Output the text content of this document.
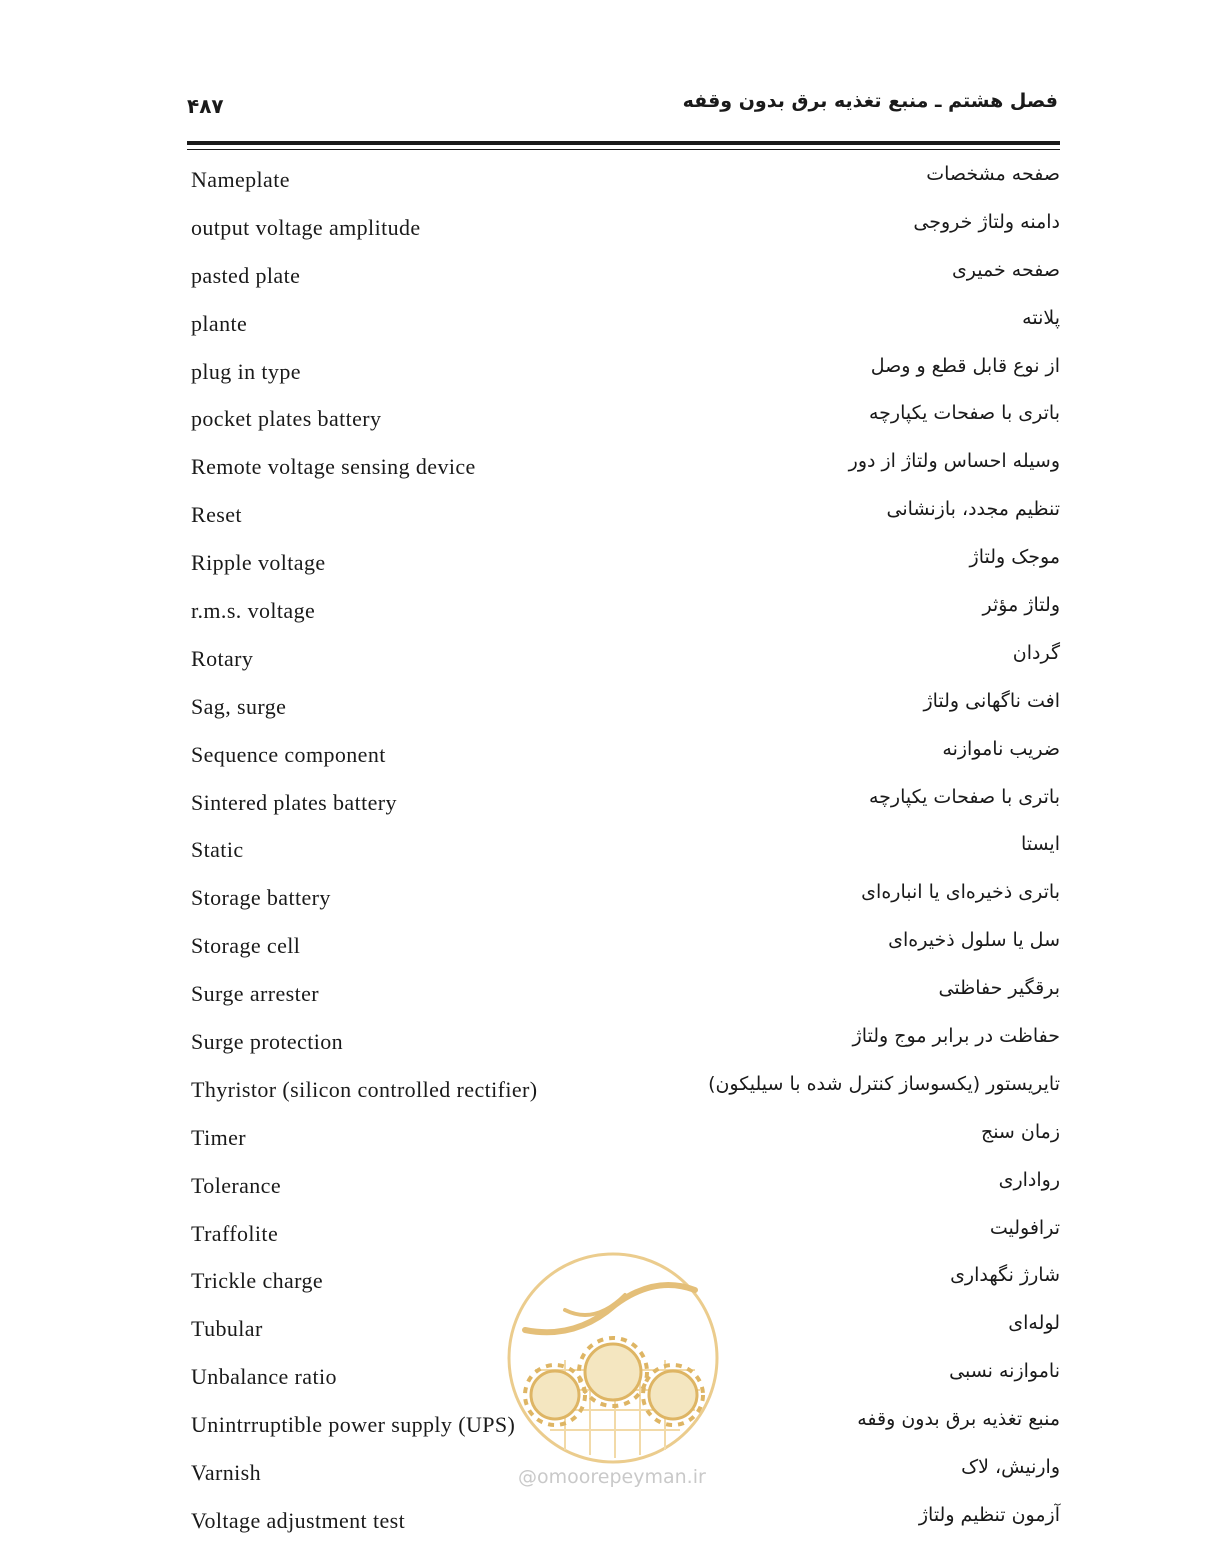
۴۸۷	فصل هشتم ـ منبع تغذیه برق بدون وقفه
Nameplate	صفحه مشخصات
output voltage amplitude	دامنه ولتاژ خروجی
pasted plate	صفحه خمیری
plante	پلانته
plug in type	از نوع قابل قطع و وصل
pocket plates battery	باتری با صفحات یکپارچه
Remote voltage sensing device	وسیله احساس ولتاژ از دور
Reset	تنظیم مجدد، بازنشانی
Ripple voltage	موجک ولتاژ
r.m.s. voltage	ولتاژ مؤثر
Rotary	گردان
Sag, surge	افت ناگهانی ولتاژ
Sequence component	ضریب ناموازنه
Sintered plates battery	باتری با صفحات یکپارچه
Static	ایستا
Storage battery	باتری ذخیره‌ای یا انباره‌ای
Storage cell	سل یا سلول ذخیره‌ای
Surge arrester	برقگیر حفاظتی
Surge protection	حفاظت در برابر موج ولتاژ
Thyristor (silicon controlled rectifier)	تایریستور (یکسوساز کنترل شده با سیلیکون)
Timer	زمان سنج
Tolerance	رواداری
Traffolite	ترافولیت
Trickle charge	شارژ نگهداری
Tubular	لوله‌ای
Unbalance ratio	ناموازنه نسبی
Unintrruptible power supply (UPS)	منبع تغذیه برق بدون وقفه
Varnish	وارنیش، لاک
Voltage adjustment test	آزمون تنظیم ولتاژ
@omoorepeyman.ir
